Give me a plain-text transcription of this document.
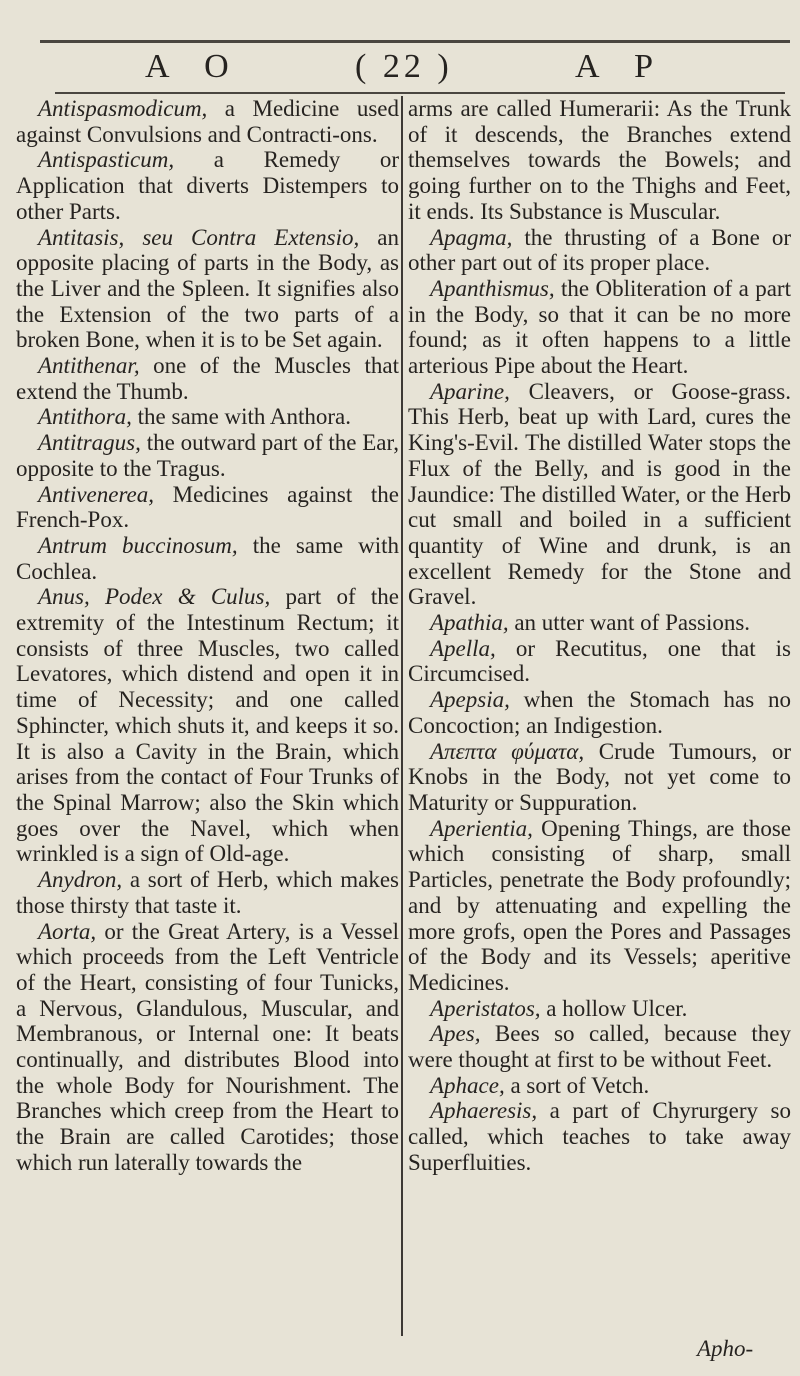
A O	( 22 )	A P

Antispasmodicum, a Medicine used against Convulsions and Contracti-ons.

Antispasticum, a Remedy or Application that diverts Distempers to other Parts.

Antitasis, seu Contra Extensio, an opposite placing of parts in the Body, as the Liver and the Spleen. It signifies also the Extension of the two parts of a broken Bone, when it is to be Set again.

Antithenar, one of the Muscles that extend the Thumb.

Antithora, the same with Anthora.

Antitragus, the outward part of the Ear, opposite to the Tragus.

Antivenerea, Medicines against the French-Pox.

Antrum buccinosum, the same with Cochlea.

Anus, Podex & Culus, part of the extremity of the Intestinum Rectum; it consists of three Muscles, two called Levatores, which distend and open it in time of Necessity; and one called Sphincter, which shuts it, and keeps it so. It is also a Cavity in the Brain, which arises from the contact of Four Trunks of the Spinal Marrow; also the Skin which goes over the Navel, which when wrinkled is a sign of Old-age.

Anydron, a sort of Herb, which makes those thirsty that taste it.

Aorta, or the Great Artery, is a Vessel which proceeds from the Left Ventricle of the Heart, consisting of four Tunicks, a Nervous, Glandulous, Muscular, and Membranous, or Internal one: It beats continually, and distributes Blood into the whole Body for Nourishment. The Branches which creep from the Heart to the Brain are called Carotides; those which run laterally towards the

arms are called Humerarii: As the Trunk of it descends, the Branches extend themselves towards the Bowels; and going further on to the Thighs and Feet, it ends. Its Substance is Muscular.

Apagma, the thrusting of a Bone or other part out of its proper place.

Apanthismus, the Obliteration of a part in the Body, so that it can be no more found; as it often happens to a little arterious Pipe about the Heart.

Aparine, Cleavers, or Goose-grass. This Herb, beat up with Lard, cures the King's-Evil. The distilled Water stops the Flux of the Belly, and is good in the Jaundice: The distilled Water, or the Herb cut small and boiled in a sufficient quantity of Wine and drunk, is an excellent Remedy for the Stone and Gravel.

Apathia, an utter want of Passions.

Apella, or Recutitus, one that is Circumcised.

Apepsia, when the Stomach has no Concoction; an Indigestion.

Απεπτα φύματα, Crude Tumours, or Knobs in the Body, not yet come to Maturity or Suppuration.

Aperientia, Opening Things, are those which consisting of sharp, small Particles, penetrate the Body profoundly; and by attenuating and expelling the more grofs, open the Pores and Passages of the Body and its Vessels; aperitive Medicines.

Aperistatos, a hollow Ulcer.

Apes, Bees so called, because they were thought at first to be without Feet.

Aphace, a sort of Vetch.

Aphaeresis, a part of Chyrurgery so called, which teaches to take away Superfluities.

Apho-
